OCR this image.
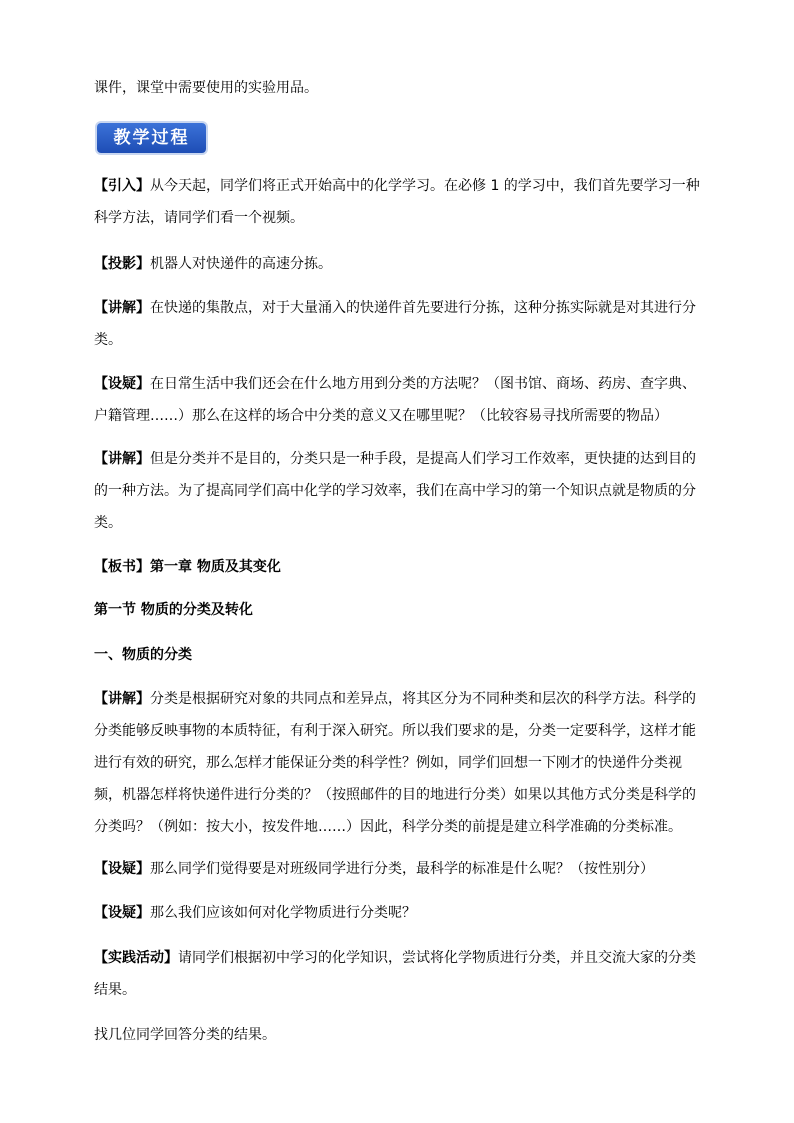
课件，课堂中需要使用的实验用品。

教学过程

【引入】从今天起，同学们将正式开始高中的化学学习。在必修 1 的学习中，我们首先要学习一种科学方法，请同学们看一个视频。

【投影】机器人对快递件的高速分拣。

【讲解】在快递的集散点，对于大量涌入的快递件首先要进行分拣，这种分拣实际就是对其进行分类。

【设疑】在日常生活中我们还会在什么地方用到分类的方法呢？（图书馆、商场、药房、查字典、户籍管理……）那么在这样的场合中分类的意义又在哪里呢？（比较容易寻找所需要的物品）

【讲解】但是分类并不是目的，分类只是一种手段，是提高人们学习工作效率，更快捷的达到目的的一种方法。为了提高同学们高中化学的学习效率，我们在高中学习的第一个知识点就是物质的分类。

【板书】第一章 物质及其变化

第一节 物质的分类及转化

一、物质的分类

【讲解】分类是根据研究对象的共同点和差异点，将其区分为不同种类和层次的科学方法。科学的分类能够反映事物的本质特征，有利于深入研究。所以我们要求的是，分类一定要科学，这样才能进行有效的研究，那么怎样才能保证分类的科学性？例如，同学们回想一下刚才的快递件分类视频，机器怎样将快递件进行分类的？（按照邮件的目的地进行分类）如果以其他方式分类是科学的分类吗？（例如：按大小，按发件地……）因此，科学分类的前提是建立科学准确的分类标准。

【设疑】那么同学们觉得要是对班级同学进行分类，最科学的标准是什么呢？（按性别分）

【设疑】那么我们应该如何对化学物质进行分类呢？

【实践活动】请同学们根据初中学习的化学知识，尝试将化学物质进行分类，并且交流大家的分类结果。

找几位同学回答分类的结果。
